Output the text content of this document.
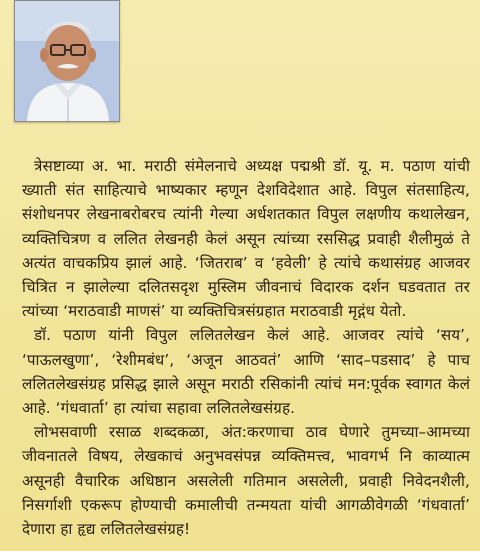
त्रेसष्टाव्या अ. भा. मराठी संमेलनाचे अध्यक्ष पद्मश्री डॉ. यू. म. पठाण यांची ख्याती संत साहित्याचे भाष्यकार म्हणून देशविदेशात आहे. विपुल संतसाहित्य, संशोधनपर लेखनाबरोबरच त्यांनी गेल्या अर्धशतकात विपुल लक्षणीय कथालेखन, व्यक्तिचित्रण व ललित लेखनही केलं असून त्यांच्या रससिद्ध प्रवाही शैलीमुळं ते अत्यंत वाचकप्रिय झालं आहे. ‘जितराब’ व ‘हवेली’ हे त्यांचे कथासंग्रह आजवर चित्रित न झालेल्या दलितसदृश मुस्लिम जीवनाचं विदारक दर्शन घडवतात तर त्यांच्या ‘मराठवाडी माणसं’ या व्यक्तिचित्रसंग्रहात मराठवाडी मृद्गंध येतो.

डॉ. पठाण यांनी विपुल ललितलेखन केलं आहे. आजवर त्यांचे ‘सय’, ‘पाऊलखुणा’, ‘रेशीमबंध’, ‘अजून आठवतं’ आणि ‘साद–पडसाद’ हे पाच ललितलेखसंग्रह प्रसिद्ध झाले असून मराठी रसिकांनी त्यांचं मन:पूर्वक स्वागत केलं आहे. ‘गंधवार्ता’ हा त्यांचा सहावा ललितलेखसंग्रह.

लोभसवाणी रसाळ शब्दकळा, अंत:करणाचा ठाव घेणारे तुमच्या–आमच्या जीवनातले विषय, लेखकाचं अनुभवसंपन्न व्यक्तिमत्त्व, भावगर्भ नि काव्यात्म असूनही वैचारिक अधिष्ठान असलेली गतिमान असलेली, प्रवाही निवेदनशैली, निसर्गाशी एकरूप होण्याची कमालीची तन्मयता यांची आगळीवेगळी ‘गंधवार्ता’ देणारा हा हृद्य ललितलेखसंग्रह!
